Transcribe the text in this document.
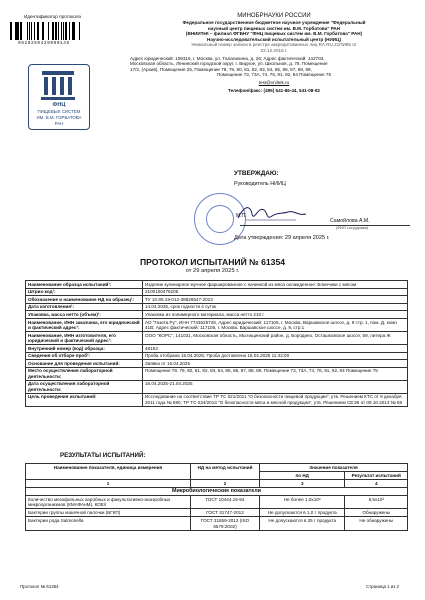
Идентификатор протокола
9920250429000146
ФНЦ
ПИЩЕВЫХ СИСТЕМ
ИМ. В.М. ГОРБАТОВА
РАН
МИНОБРНАУКИ РОССИИ
Федеральное государственное бюджетное научное учреждение "Федеральный
научный центр пищевых систем им. В.М. Горбатова" РАН
(ВНИИТеК – филиал ФГБНУ "ФНЦ пищевых систем им. В.М. Горбатова" РАН)
Научно-исследовательский испытательный центр (НИИЦ)
Уникальный номер записи в реестре аккредитованных лиц RA.RU.21ПИ85 от
02.12.2015 г.
Адрес юридический: 109316, г. Москва, ул. Талалихина, д. 26; Адрес фактический: 142703,
Московская область, Ленинский городской округ, г. Видное, ул. Школьная, д. 78, Помещение
17/2, (Архив), Помещение 25, Помещение 78, 79, 80, 81, 82, 83, 84, 85, 86, 87, 88, 89,
Помещение 73, 73А, 74, 76, 91, 92, 94 Помещение 75
test@vniitek.ru
Телефон/факс: (495) 541-86-44, 541-08-92
УТВЕРЖДАЮ:
Руководитель НИИЦ
М.П.
Самойлова А.М.
(ФИО сотрудника)
Дата утверждения: 29 апреля 2025 г.
ПРОТОКОЛ ИСПЫТАНИЙ № 61354
от 29 апреля 2025 г.
Наименование образца испытаний¹:	Изделие кулинарное мучное фаршированное с начинкой из мяса охлажденное: Блинчики с мясом
Штрих-код¹:	2100100476205
Обозначение и наименование НД на образец¹:	ТУ 10.85.19-012-38826547-2023
Дата изготовления¹:	14.04.2025, срок годности 4 суток
Упаковка, масса нетто (объем)¹:	Упаковка из полимерного материала, масса нетто 210 г
Наименование, ИНН заказчика, его юридический и фактический адрес¹:	АО "Газета.Ру", ИНН 7743625728, Адрес юридический: 117105, г. Москва, Варшавское шоссе, д. 9 стр. 1, пом. Д, комн 41В; Адрес фактический: 117105, г. Москва, Варшавское шоссе, д. 9, стр.1
Наименование, ИНН изготовителя, его юридический и фактический адрес¹:	ООО "КОРС", 141031, Московская область, Мытищинский район, д. Бородино, Осташковское шоссе, 59, литера Ж
Внутренний номер (код) образца:	48153
Сведения об отборе проб²:	Проба отобрана 15.04.2025; Проба доставлена 15.04.2025 11:42:00
Основание для проведения испытаний:	Заявка от 15.04.2025
Место осуществления лабораторной деятельности:	Помещение 78, 79, 80, 81, 82, 83, 84, 85, 86, 87, 88, 89, Помещение 73, 73А, 74, 76, 91, 92, 94 Помещение 75
Дата осуществления лабораторной деятельности:	16.04.2025-21.04.2025
Цель проведения испытаний:	Исследование на соответствие ТР ТС 021/2011 "О безопасности пищевой продукции", утв. Решением КТС от 9 декабря 2011 года № 880, ТР ТС 034/2013 "О безопасности мяса и мясной продукции", утв. Решением СЕЭК от 09.10.2013 № 68
РЕЗУЛЬТАТЫ ИСПЫТАНИЙ:
Наименование показателя, единица измерения	НД на метод испытаний	Значение показателя	
		по НД	Результат испытаний
1	2	3	4
Микробиологические показатели			
Количество мезофильных аэробных и факультативно-анаэробных микроорганизмов (КМАФАнМ), КОЕ/г	ГОСТ 10444.15-94	Не более 1,0х10⁶	8,5х10³
Бактерии группы кишечной палочки (БГКП)	ГОСТ 31747-2012	Не допускаются в 1,0 г продукта	Обнаружены
Бактерии рода Salmonella	ГОСТ 31659-2012 (ISO 6579:2002)	Не допускаются в 25 г продукта	Не обнаружены
Протокол № 61354	Страница 1 из 2
